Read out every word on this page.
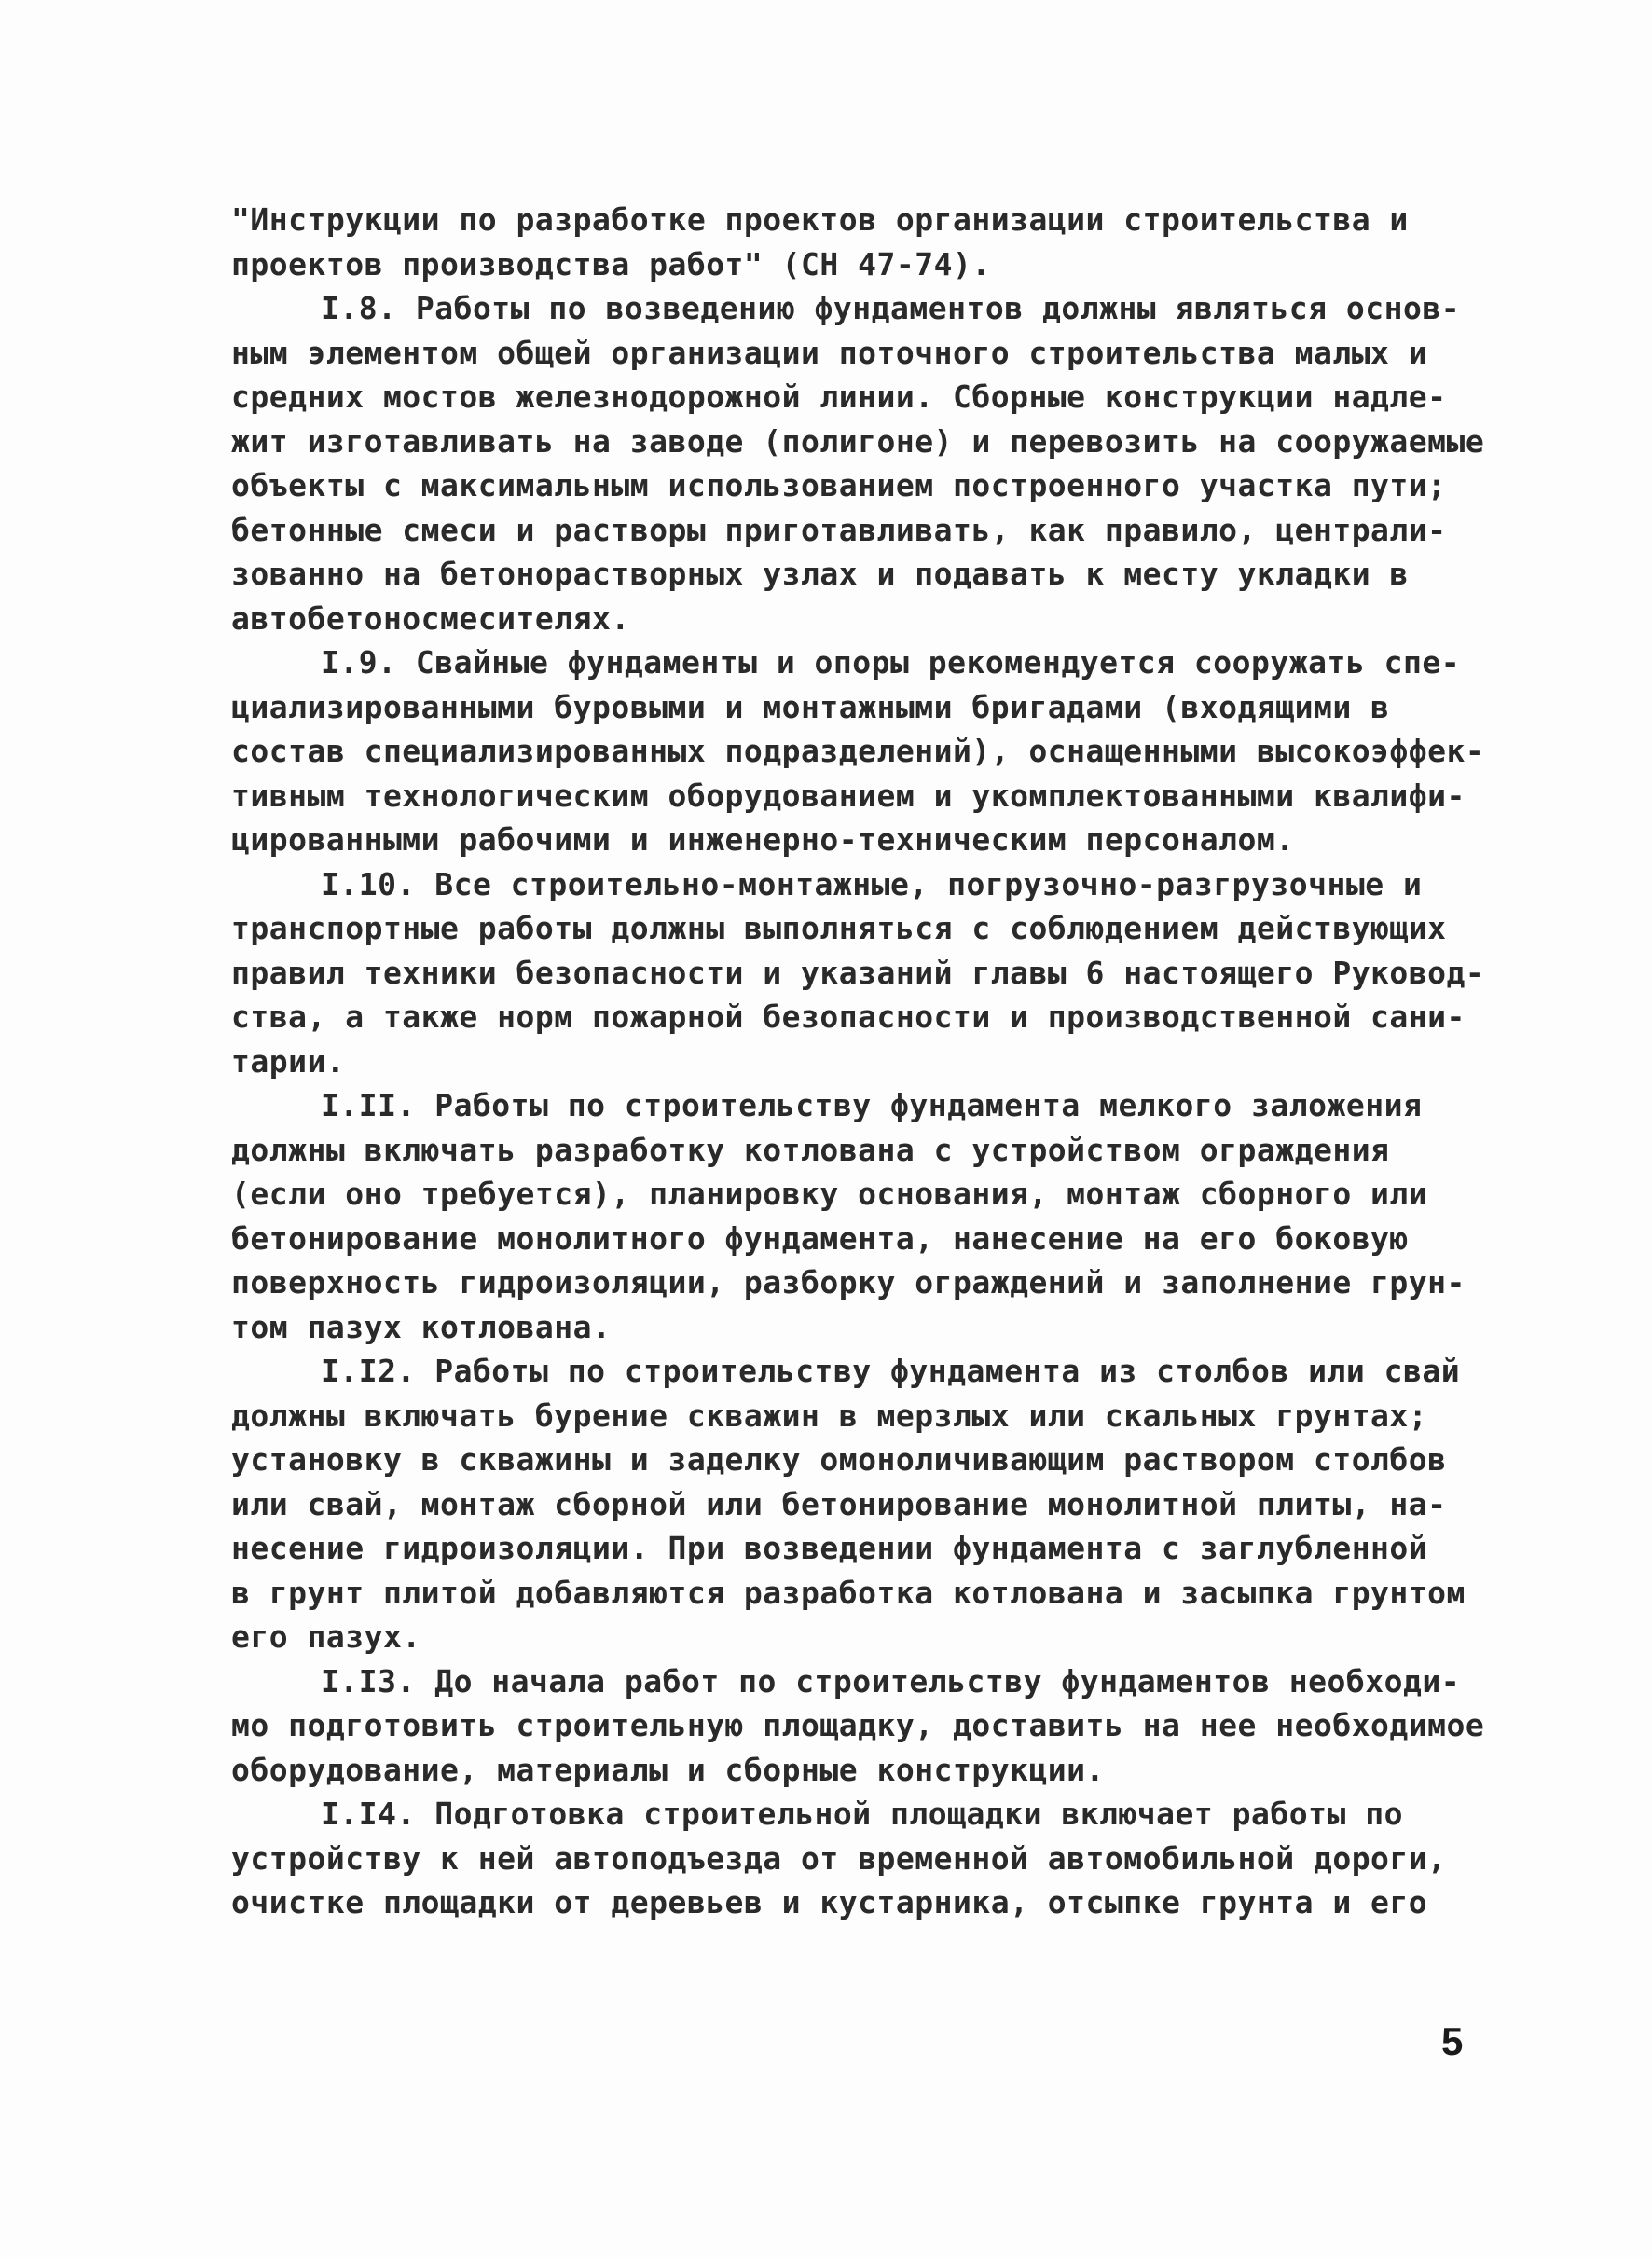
"Инструкции по разработке проектов организации строительства и
проектов производства работ" (СН 47-74).
I.8. Работы по возведению фундаментов должны являться основ-
ным элементом общей организации поточного строительства малых и
средних мостов железнодорожной линии. Сборные конструкции надле-
жит изготавливать на заводе (полигоне) и перевозить на сооружаемые
объекты с максимальным использованием построенного участка пути;
бетонные смеси и растворы приготавливать, как правило, централи-
зованно на бетонорастворных узлах и подавать к месту укладки в
автобетоносмесителях.
I.9. Свайные фундаменты и опоры рекомендуется сооружать спе-
циализированными буровыми и монтажными бригадами (входящими в
состав специализированных подразделений), оснащенными высокоэффек-
тивным технологическим оборудованием и укомплектованными квалифи-
цированными рабочими и инженерно-техническим персоналом.
I.10. Все строительно-монтажные, погрузочно-разгрузочные и
транспортные работы должны выполняться с соблюдением действующих
правил техники безопасности и указаний главы 6 настоящего Руковод-
ства, а также норм пожарной безопасности и производственной сани-
тарии.
I.II. Работы по строительству фундамента мелкого заложения
должны включать разработку котлована с устройством ограждения
(если оно требуется), планировку основания, монтаж сборного или
бетонирование монолитного фундамента, нанесение на его боковую
поверхность гидроизоляции, разборку ограждений и заполнение грун-
том пазух котлована.
I.I2. Работы по строительству фундамента из столбов или свай
должны включать бурение скважин в мерзлых или скальных грунтах;
установку в скважины и заделку омоноличивающим раствором столбов
или свай, монтаж сборной или бетонирование монолитной плиты, на-
несение гидроизоляции. При возведении фундамента с заглубленной
в грунт плитой добавляются разработка котлована и засыпка грунтом
его пазух.
I.I3. До начала работ по строительству фундаментов необходи-
мо подготовить строительную площадку, доставить на нее необходимое
оборудование, материалы и сборные конструкции.
I.I4. Подготовка строительной площадки включает работы по
устройству к ней автоподъезда от временной автомобильной дороги,
очистке площадки от деревьев и кустарника, отсыпке грунта и его
5
